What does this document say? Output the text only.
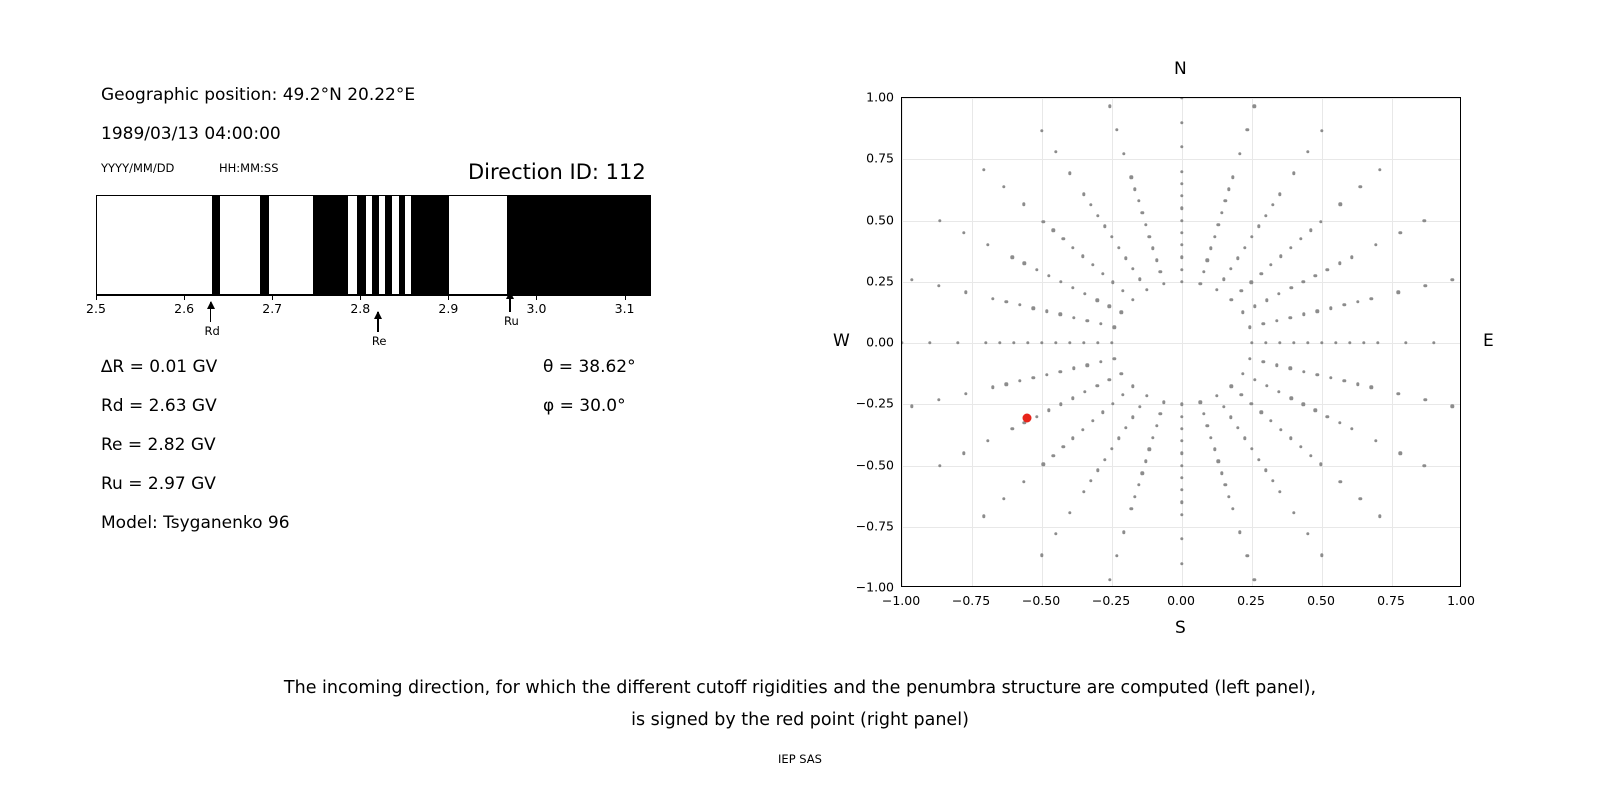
Geographic position: 49.2°N 20.22°E
1989/03/13 04:00:00
YYYY/MM/DD	HH:MM:SS	Direction ID: 112
2.5	2.6	2.7	2.8	2.9	3.0	3.1
Rd
Re
Ru
∆R = 0.01 GV
Rd = 2.63 GV
Re = 2.82 GV
Ru = 2.97 GV
Model: Tsyganenko 96
θ = 38.62°
φ = 30.0°
−1.00	−0.75	−0.50	−0.25	0.00	0.25	0.50	0.75	1.00
−1.00
−0.75
−0.50
−0.25
0.00
0.25
0.50
0.75
1.00
N
S
W	E
The incoming direction, for which the different cutoff rigidities and the penumbra structure are computed (left panel),
is signed by the red point (right panel)
IEP SAS
